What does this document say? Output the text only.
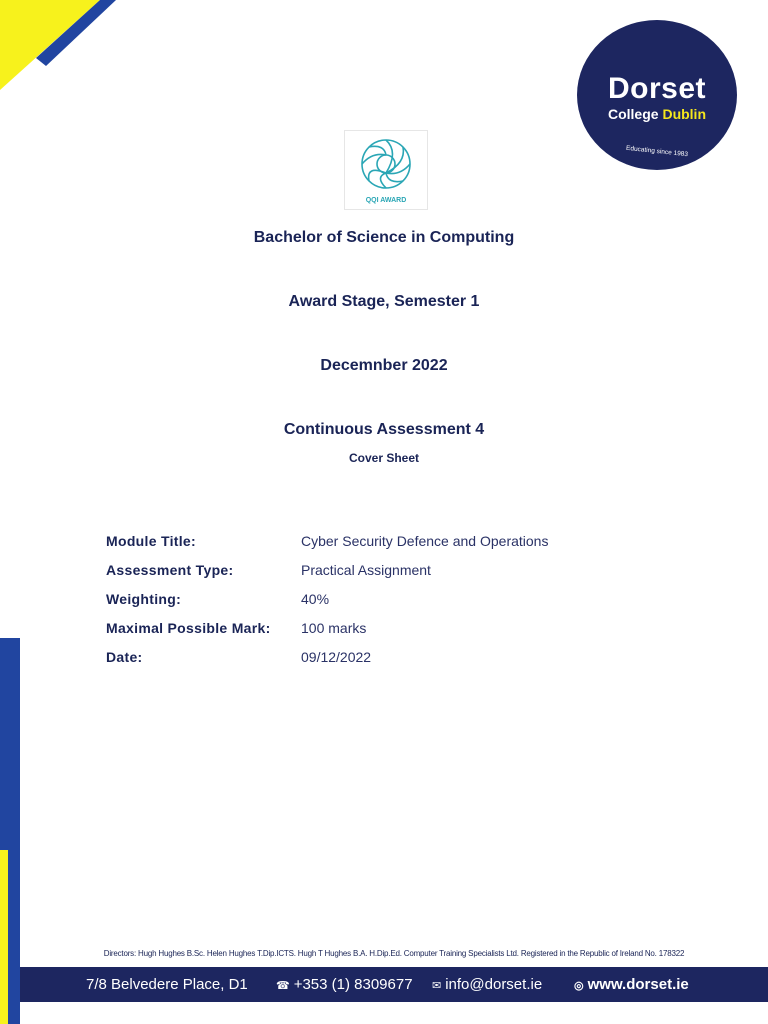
Dorset
College Dublin
Educating since 1983
QQI AWARD
Bachelor of Science in Computing
Award Stage, Semester 1
Decemnber 2022
Continuous Assessment 4
Cover Sheet
Module Title:	Cyber Security Defence and Operations
Assessment Type:	Practical Assignment
Weighting:	40%
Maximal Possible Mark: 100 marks
Date:	09/12/2022
Directors: Hugh Hughes B.Sc. Helen Hughes T.Dip.ICTS. Hugh T Hughes B.A. H.Dip.Ed. Computer Training Specialists Ltd. Registered in the Republic of Ireland No. 178322
7/8 Belvedere Place, D1	☎ +353 (1) 8309677 ✉ info@dorset.ie	◎ www.dorset.ie
